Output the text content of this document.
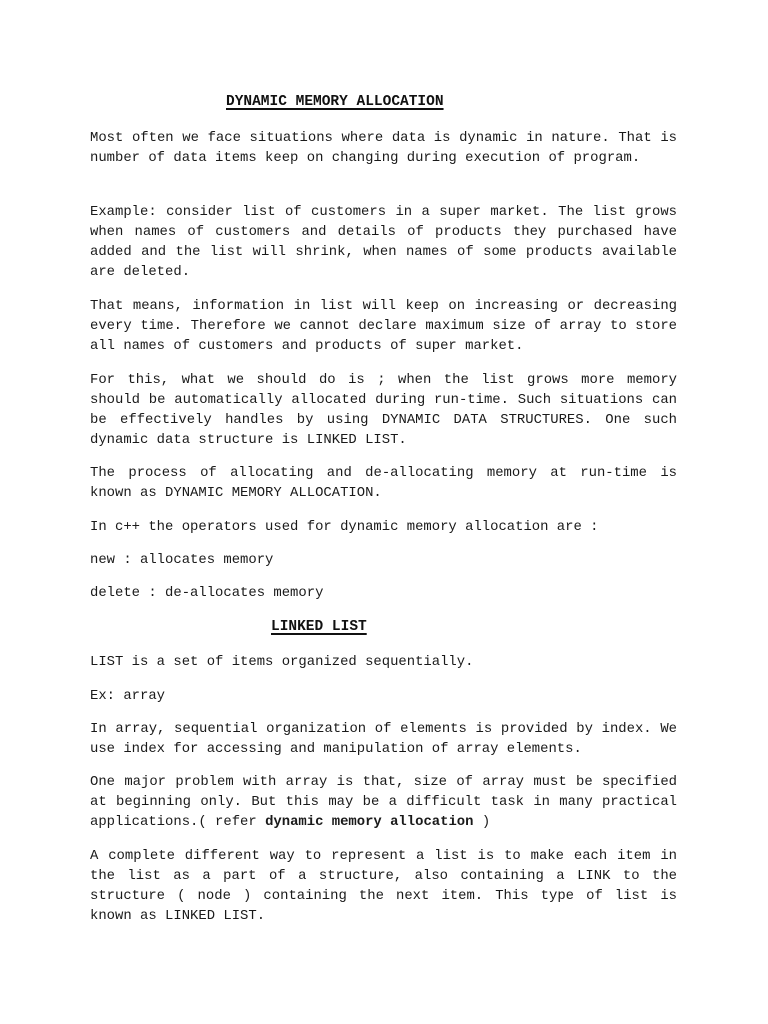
DYNAMIC MEMORY ALLOCATION

Most often we face situations where data is dynamic in nature. That is number of data items keep on changing during execution of program.

Example: consider list of customers in a super market. The list grows when names of customers and details of products they purchased have added and the list will shrink, when names of some products available are deleted.

That means, information in list will keep on increasing or decreasing every time. Therefore we cannot declare maximum size of array to store all names of customers and products of super market.

For this, what we should do is ; when the list grows more memory should be automatically allocated during run-time. Such situations can be effectively handles by using DYNAMIC DATA STRUCTURES. One such dynamic data structure is LINKED LIST.

The process of allocating and de-allocating memory at run-time is known as DYNAMIC MEMORY ALLOCATION.

In c++ the operators used for dynamic memory allocation are :

new : allocates memory

delete : de-allocates memory

LINKED LIST

LIST is a set of items organized sequentially.

Ex: array

In array, sequential organization of elements is provided by index. We use index for accessing and manipulation of array elements.

One major problem with array is that, size of array must be specified at beginning only. But this may be a difficult task in many practical applications.( refer dynamic memory allocation )

A complete different way to represent a list is to make each item in the list as a part of a structure, also containing a LINK to the structure ( node ) containing the next item. This type of list is known as LINKED LIST.
